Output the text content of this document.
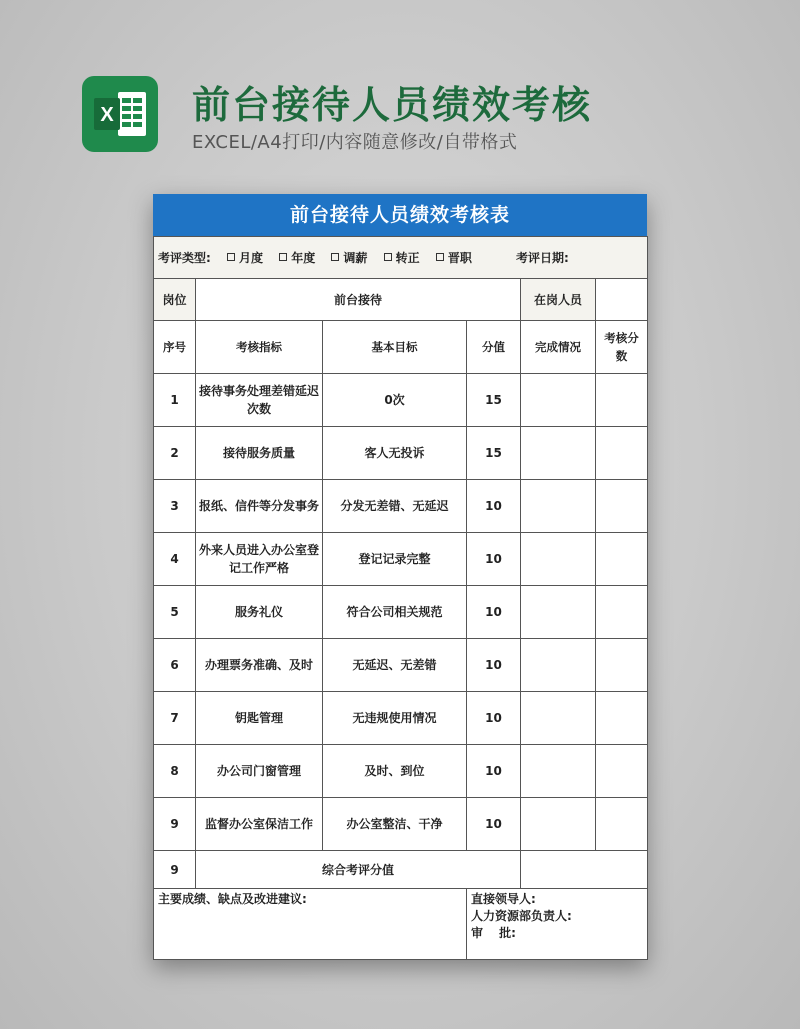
X 前台接待人员绩效考核
EXCEL/A4打印/内容随意修改/自带格式
前台接待人员绩效考核表
考评类型: 月度 年度 调薪 转正 晋职 考评日期:					
岗位	前台接待			在岗人员	
序号	考核指标	基本目标	分值	完成情况	考核分数
1	接待事务处理差错延迟次数	0次	15		
2	接待服务质量	客人无投诉	15		
3	报纸、信件等分发事务	分发无差错、无延迟	10		
4	外来人员进入办公室登记工作严格	登记记录完整	10		
5	服务礼仪	符合公司相关规范	10		
6	办理票务准确、及时	无延迟、无差错	10		
7	钥匙管理	无违规使用情况	10		
8	办公司门窗管理	及时、到位	10		
9	监督办公室保洁工作	办公室整洁、干净	10		
9	综合考评分值				

主要成绩、缺点及改进建议:			直接领导人:
人力资源部负责人:
审　 批:		
